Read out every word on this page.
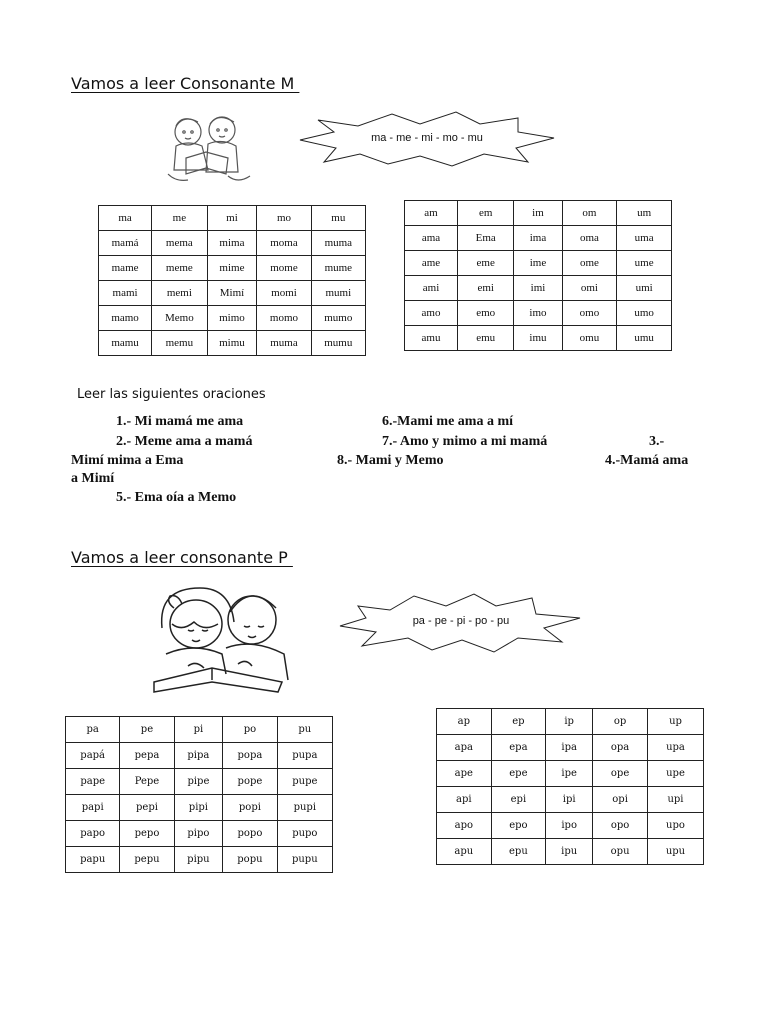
Vamos a leer Consonante M
ma - me - mi - mo - mu
ma	me	mi	mo	mu
mamá	mema	mima	moma	muma
mame	meme	mime	mome	mume
mami	memi	Mimí	momi	mumi
mamo	Memo	mimo	momo	mumo
mamu	memu	mimu	muma	mumu
am	em	im	om	um
ama	Ema	ima	oma	uma
ame	eme	ime	ome	ume
ami	emi	imi	omi	umi
amo	emo	imo	omo	umo
amu	emu	imu	omu	umu
Leer las siguientes oraciones
1.- Mi mamá me ama	6.-Mami me ama a mí
2.- Meme ama a mamá	7.- Amo y mimo a mi mamá	3.-
Mimí mima a Ema	8.- Mami y Memo	4.-Mamá ama
a Mimí
5.- Ema oía a Memo
Vamos a leer consonante P
pa - pe - pi - po - pu
pa	pe	pi	po	pu
papá	pepa	pipa	popa	pupa
pape	Pepe	pipe	pope	pupe
papi	pepi	pipi	popi	pupi
papo	pepo	pipo	popo	pupo
papu	pepu	pipu	popu	pupu
ap	ep	ip	op	up
apa	epa	ipa	opa	upa
ape	epe	ipe	ope	upe
api	epi	ipi	opi	upi
apo	epo	ipo	opo	upo
apu	epu	ipu	opu	upu
